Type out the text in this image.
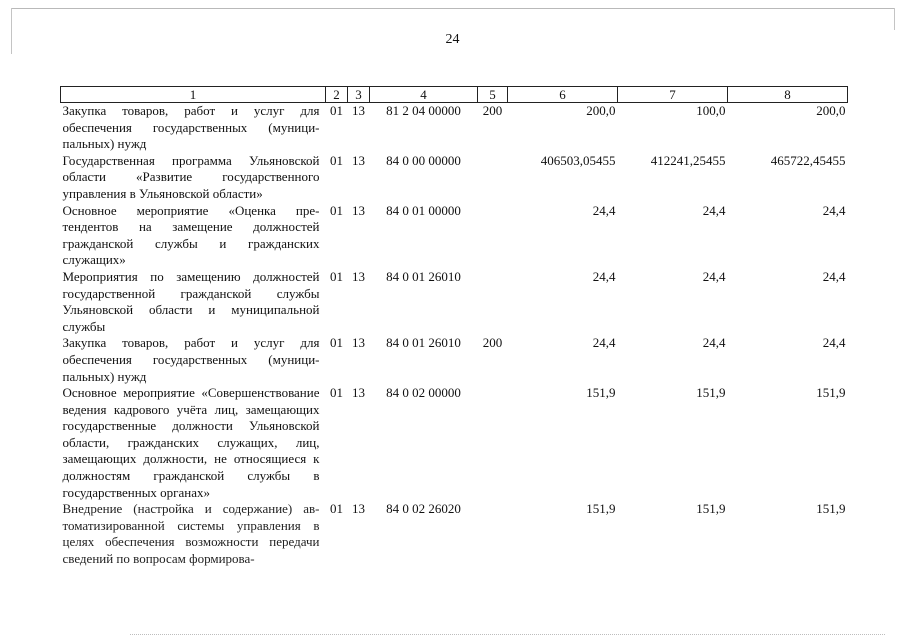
24
1	2	3	4	5	6	7	8
Закупка товаров, работ и услуг для обеспечения государственных (муниципальных) нужд	01	13	81 2 04 00000	200	200,0	100,0	200,0
Государственная программа Ульяновской области «Развитие государственного управления в Ульяновской области»	01	13	84 0 00 00000		406503,05455	412241,25455	465722,45455
Основное мероприятие «Оценка претендентов на замещение должностей гражданской службы и гражданских служащих»	01	13	84 0 01 00000		24,4	24,4	24,4
Мероприятия по замещению должностей государственной гражданской службы Ульяновской области и муниципальной службы	01	13	84 0 01 26010		24,4	24,4	24,4
Закупка товаров, работ и услуг для обеспечения государственных (муниципальных) нужд	01	13	84 0 01 26010	200	24,4	24,4	24,4
Основное мероприятие «Совершенствование ведения кадрового учёта лиц, замещающих государственные должности Ульяновской области, гражданских служащих, лиц, замещающих должности, не относящиеся к должностям гражданской службы в государственных органах»	01	13	84 0 02 00000		151,9	151,9	151,9
Внедрение (настройка и содержание) автоматизированной системы управления в целях обеспечения возможности передачи сведений по вопросам формирова-	01	13	84 0 02 26020		151,9	151,9	151,9
